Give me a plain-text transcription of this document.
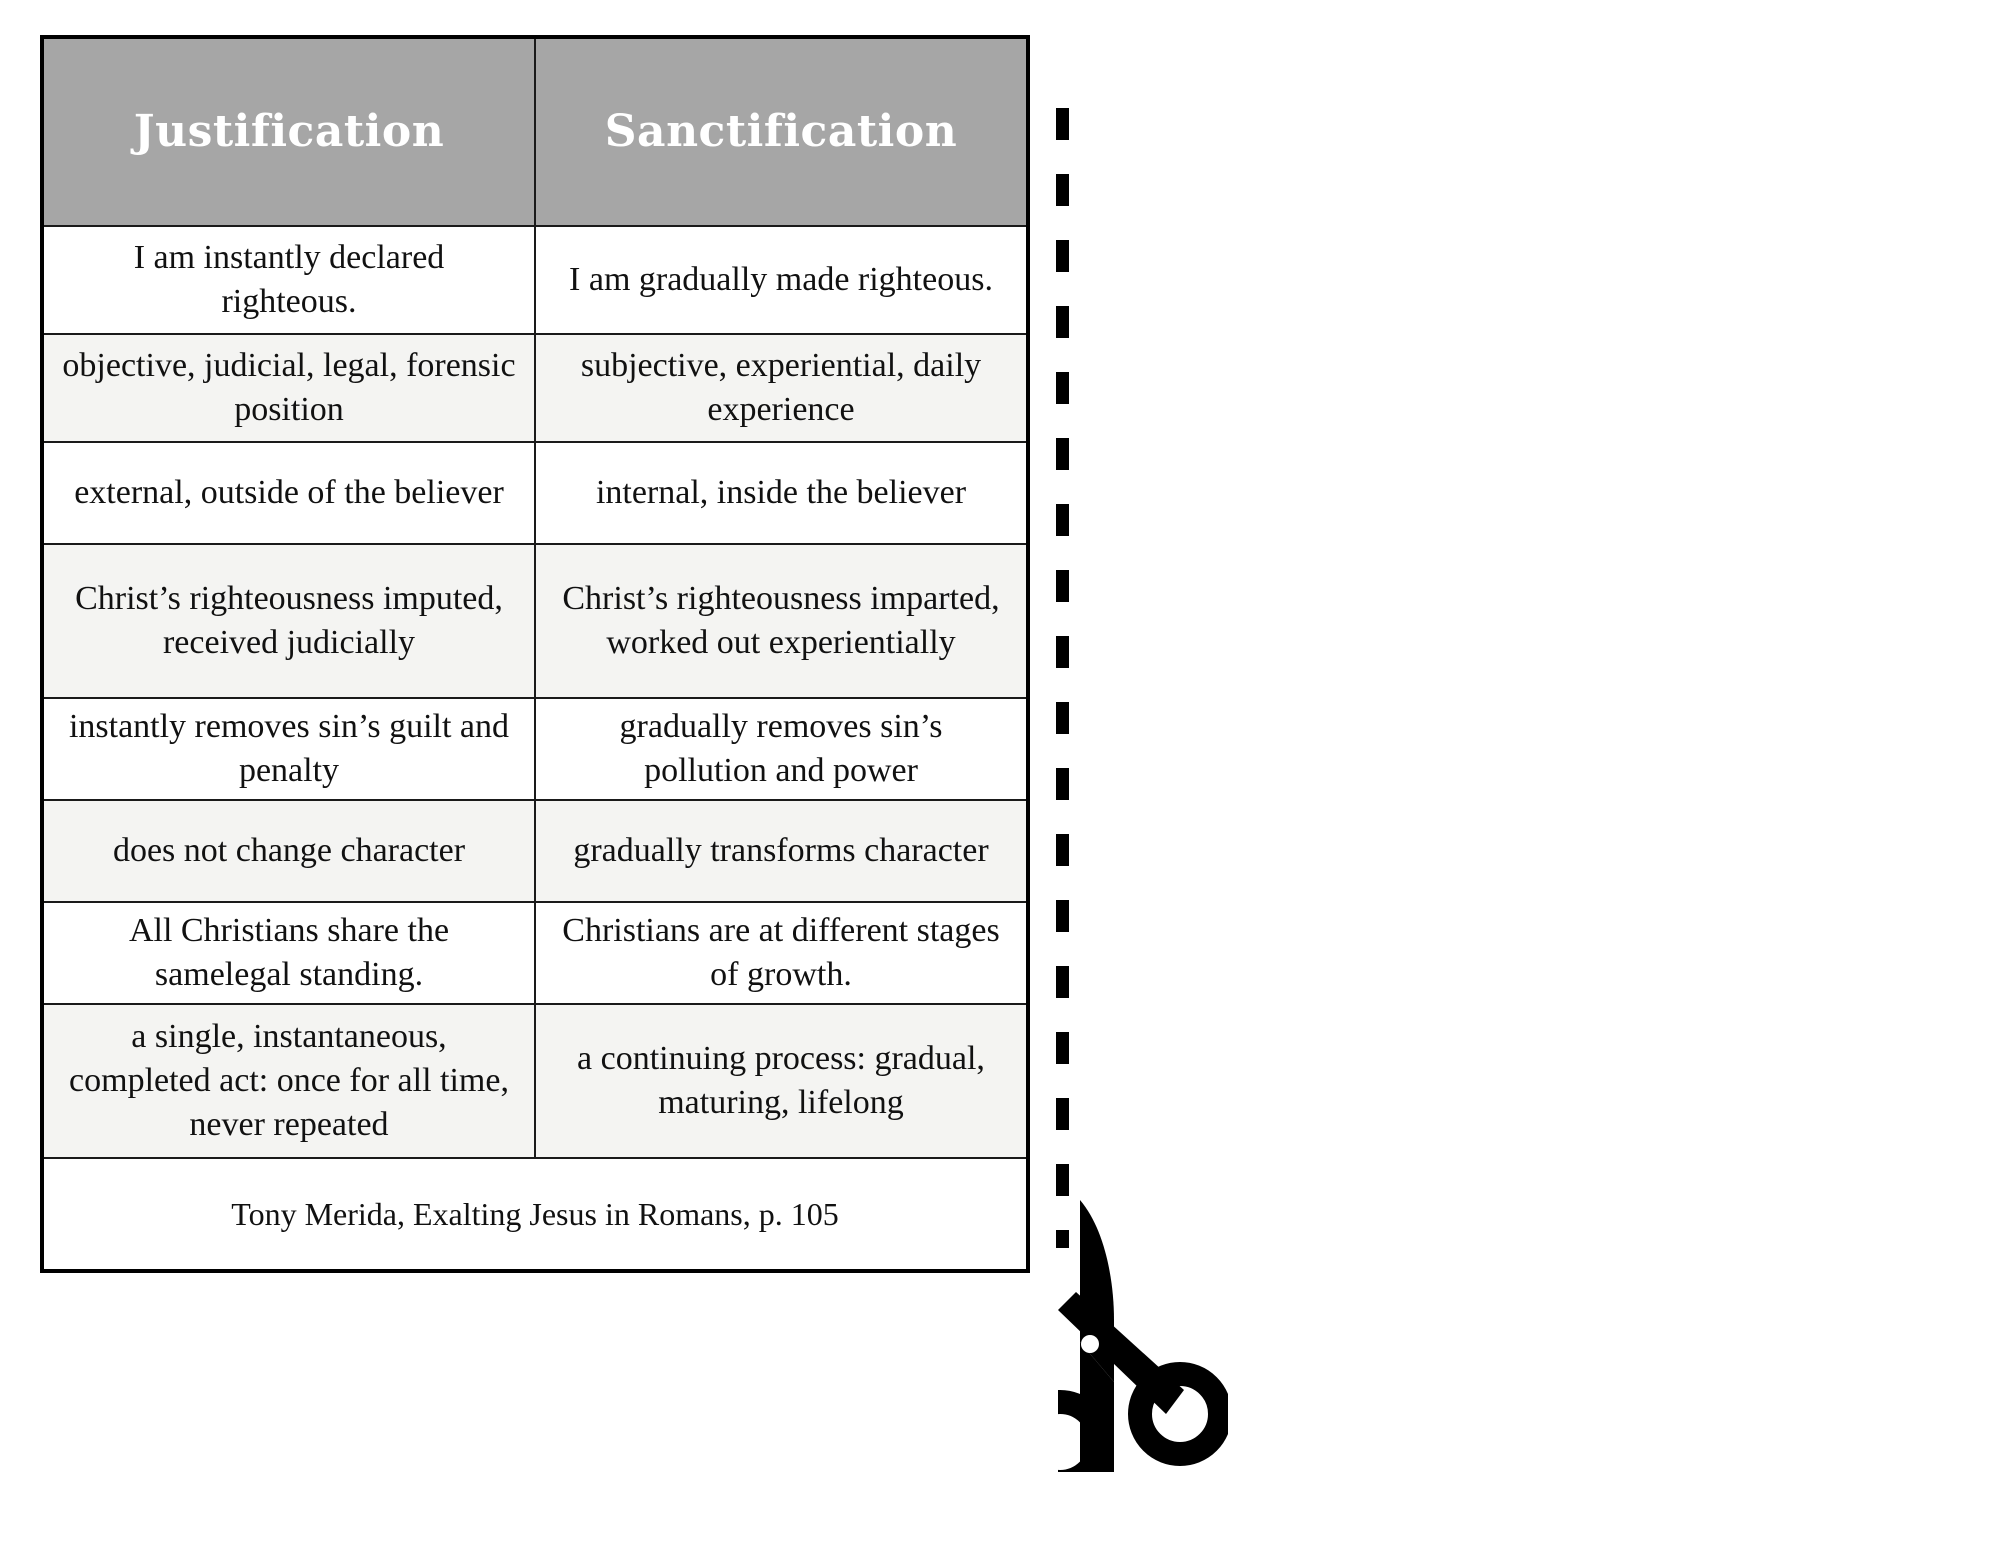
Justification	Sanctification

I am instantly declared righteous.	I am gradually made righteous.
objective, judicial, legal, forensic position	subjective, experiential, daily experience
external, outside of the believer	internal, inside the believer
Christ’s righteousness imputed, received judicially	Christ’s righteousness imparted, worked out experientially
instantly removes sin’s guilt and penalty	gradually removes sin’s pollution and power
does not change character	gradually transforms character
All Christians share the samelegal standing.	Christians are at different stages of growth.
a single, instantaneous, completed act: once for all time, never repeated	a continuing process: gradual, maturing, lifelong
Tony Merida, Exalting Jesus in Romans, p. 105	
